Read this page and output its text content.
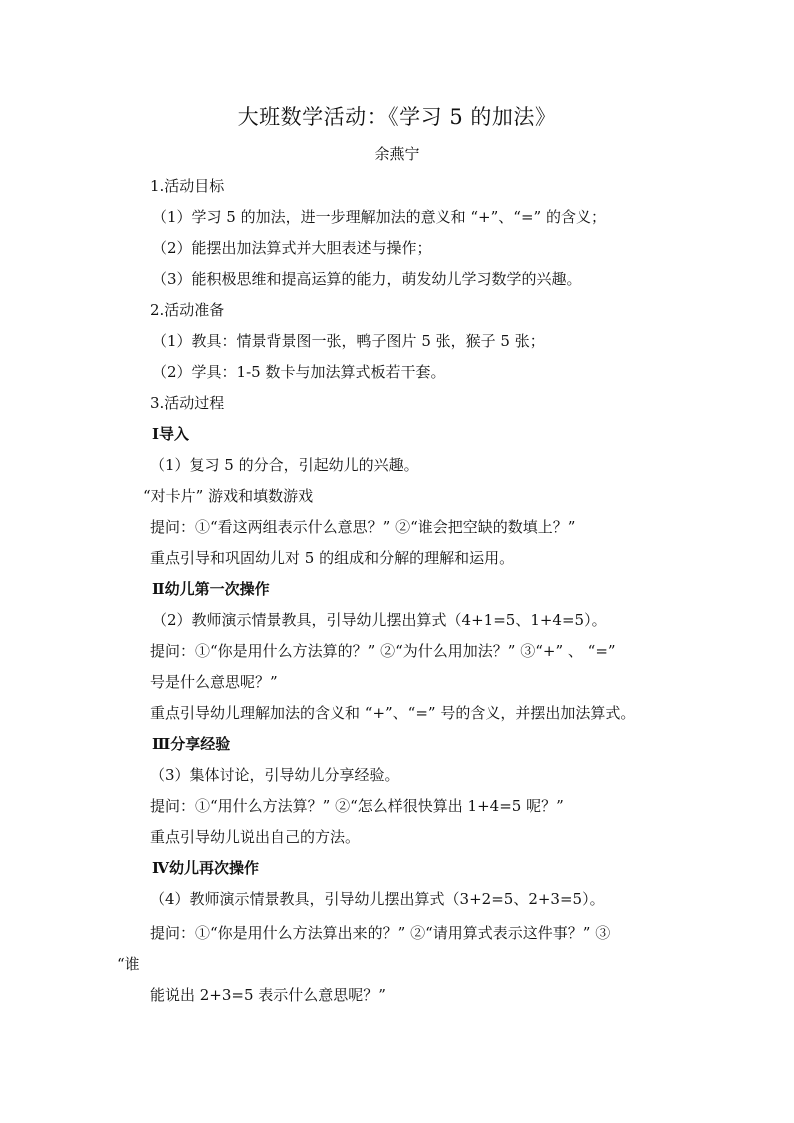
大班数学活动：《学习 5 的加法》
余燕宁
1.活动目标
（1）学习 5 的加法，进一步理解加法的意义和 “+”、“=” 的含义；
（2）能摆出加法算式并大胆表述与操作；
（3）能积极思维和提高运算的能力，萌发幼儿学习数学的兴趣。
2.活动准备
（1）教具：情景背景图一张，鸭子图片 5 张，猴子 5 张；
（2）学具：1-5 数卡与加法算式板若干套。
3.活动过程
Ⅰ导入
（1）复习 5 的分合，引起幼儿的兴趣。
“对卡片” 游戏和填数游戏
提问：①“看这两组表示什么意思？” ②“谁会把空缺的数填上？”
重点引导和巩固幼儿对 5 的组成和分解的理解和运用。
Ⅱ幼儿第一次操作
（2）教师演示情景教具，引导幼儿摆出算式（4+1=5、1+4=5）。
提问：①“你是用什么方法算的？” ②“为什么用加法？” ③“+” 、 “=”
号是什么意思呢？”
重点引导幼儿理解加法的含义和 “+”、“=” 号的含义，并摆出加法算式。
Ⅲ分享经验
（3）集体讨论，引导幼儿分享经验。
提问：①“用什么方法算？” ②“怎么样很快算出 1+4=5 呢？”
重点引导幼儿说出自己的方法。
Ⅳ幼儿再次操作
（4）教师演示情景教具，引导幼儿摆出算式（3+2=5、2+3=5）。
提问：①“你是用什么方法算出来的？” ②“请用算式表示这件事？” ③
“谁
能说出 2+3=5 表示什么意思呢？”
